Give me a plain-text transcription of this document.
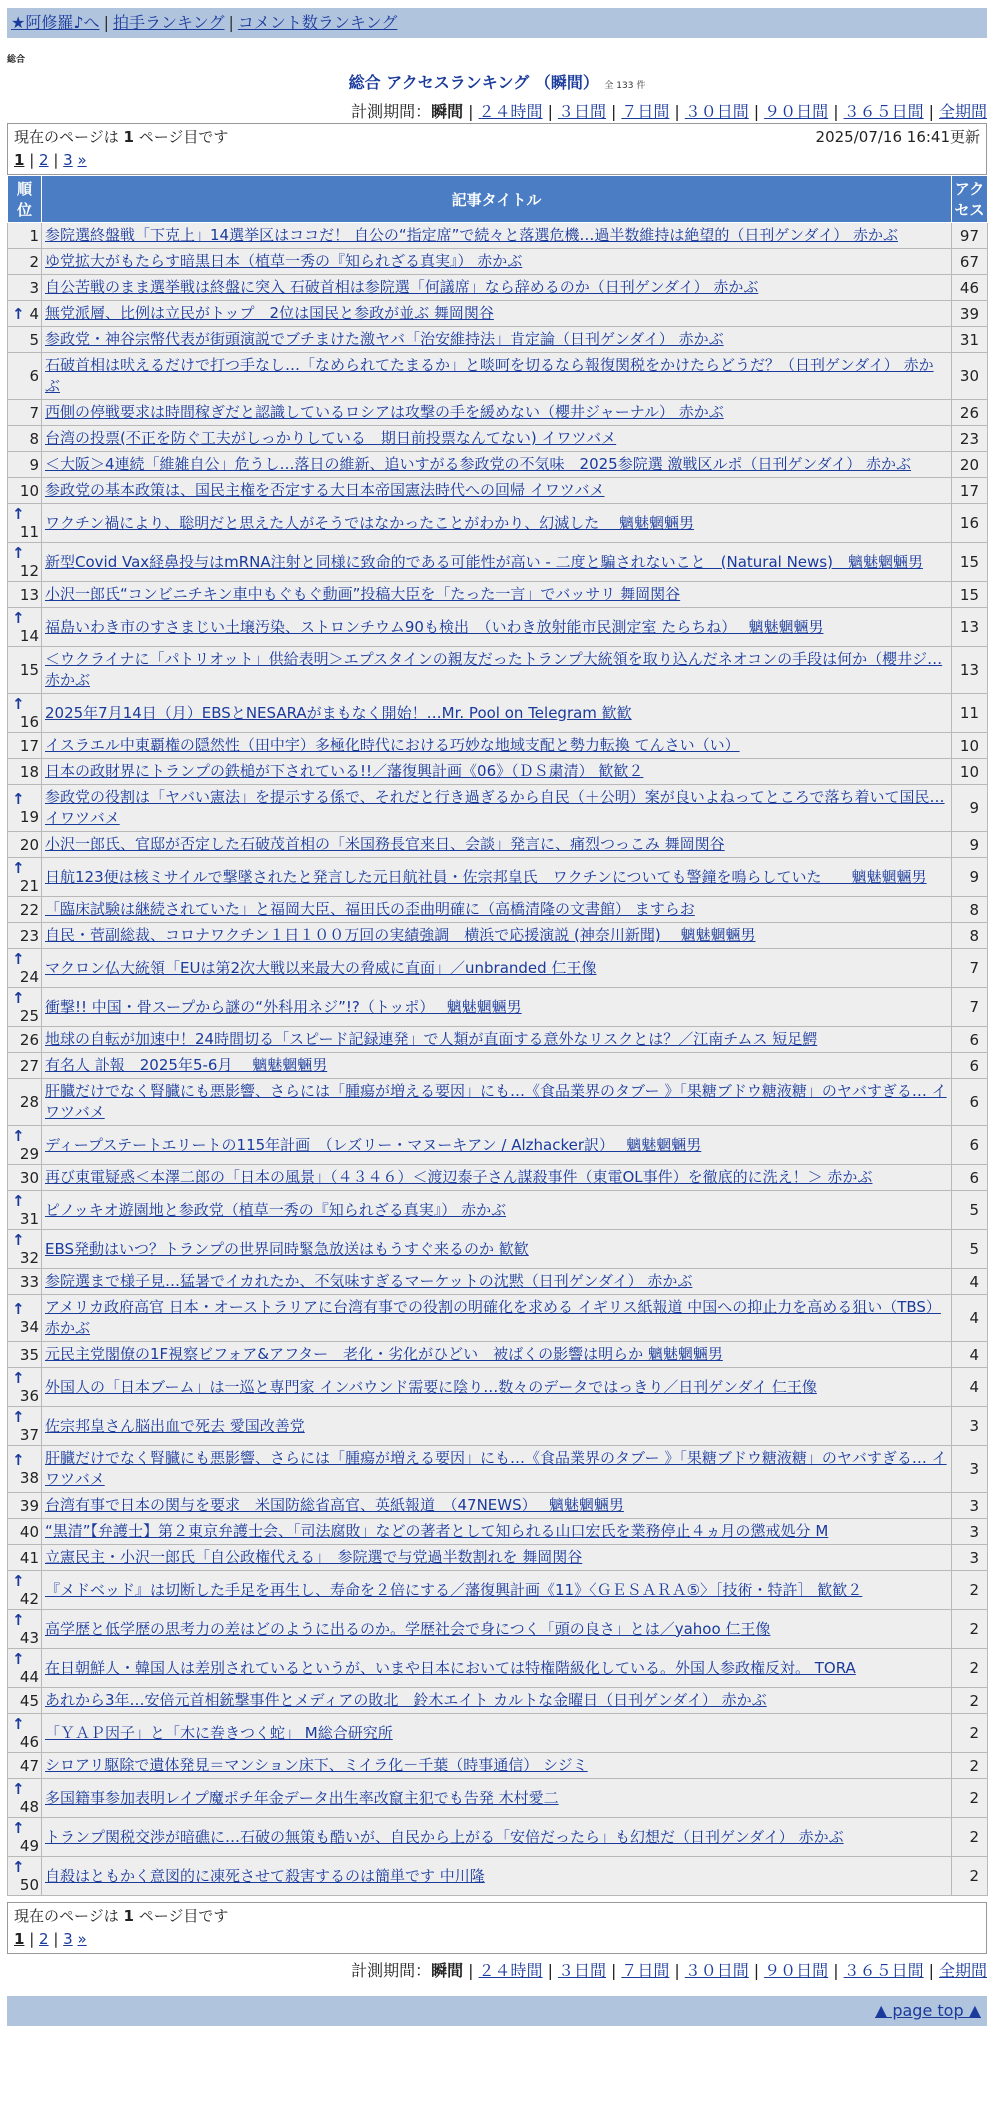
★阿修羅♪へ | 拍手ランキング | コメント数ランキング
総合
総合 アクセスランキング （瞬間） 全 133 件
計測期間：瞬間 | ２４時間 | ３日間 | ７日間 | ３０日間 | ９０日間 | ３６５日間 | 全期間
現在のページは 1 ページ目です	2025/07/16 16:41更新
1 | 2 | 3 »
順位	記事タイトル	アクセス
1	参院選終盤戦「下克上」14選挙区はココだ！ 自公の“指定席”で続々と落選危機…過半数維持は絶望的（日刊ゲンダイ） 赤かぶ	97
2	ゆ党拡大がもたらす暗黒日本（植草一秀の『知られざる真実』） 赤かぶ	67
3	自公苦戦のまま選挙戦は終盤に突入 石破首相は参院選「何議席」なら辞めるのか（日刊ゲンダイ） 赤かぶ	46

↑ 4	無党派層、比例は立民がトップ　2位は国民と参政が並ぶ 舞岡関谷	39
5	参政党・神谷宗幣代表が街頭演説でブチまけた激ヤバ「治安維持法」肯定論（日刊ゲンダイ） 赤かぶ	31
6	石破首相は吠えるだけで打つ手なし…「なめられてたまるか」と啖呵を切るなら報復関税をかけたらどうだ？（日刊ゲンダイ） 赤かぶ	30
7	西側の停戦要求は時間稼ぎだと認識しているロシアは攻撃の手を緩めない（櫻井ジャーナル） 赤かぶ	26
8	台湾の投票(不正を防ぐ工夫がしっかりしている　期日前投票なんてない) イワツバメ	23
9	＜大阪＞4連続「維雑自公」危うし…落日の維新、追いすがる参政党の不気味　2025参院選 激戦区ルポ（日刊ゲンダイ） 赤かぶ	20
10	参政党の基本政策は、国民主権を否定する大日本帝国憲法時代への回帰 イワツバメ	17

↑
11	ワクチン禍により、聡明だと思えた人がそうではなかったことがわかり、幻滅した　 魑魅魍魎男	16

↑
12	新型Covid Vax経鼻投与はmRNA注射と同様に致命的である可能性が高い - 二度と騙されないこと　(Natural News)　魑魅魍魎男	15
13	小沢一郎氏“コンビニチキン車中もぐもぐ動画”投稿大臣を「たった一言」でバッサリ 舞岡関谷	15

↑
14	福島いわき市のすさまじい土壌汚染、ストロンチウム90も検出　（いわき放射能市民測定室 たらちね）　 魑魅魍魎男	13
15	＜ウクライナに「パトリオット」供給表明＞エプスタインの親友だったトランプ大統領を取り込んだネオコンの手段は何か（櫻井ジ… 赤かぶ	13

↑
16	2025年7月14日（月）EBSとNESARAがまもなく開始！…Mr. Pool on Telegram 歓歓	11
17	イスラエル中東覇権の隠然性（田中宇）多極化時代における巧妙な地域支配と勢力転換 てんさい（い）	10
18	日本の政財界にトランプの鉄槌が下されている!!／藩復興計画《06》（ＤＳ粛清） 歓歓２	10

↑
19	参政党の役割は「ヤバい憲法」を提示する係で、それだと行き過ぎるから自民（＋公明）案が良いよねってところで落ち着いて国民… イワツバメ	9
20	小沢一郎氏、官邸が否定した石破茂首相の「米国務長官来日、会談」発言に、痛烈つっこみ 舞岡関谷	9

↑
21	日航123便は核ミサイルで撃墜されたと発言した元日航社員・佐宗邦皇氏　ワクチンについても警鐘を鳴らしていた　　魑魅魍魎男	9
22	「臨床試験は継続されていた」と福岡大臣、福田氏の歪曲明確に（高橋清隆の文書館） ますらお	8
23	自民・菅副総裁、コロナワクチン１日１００万回の実績強調　横浜で応援演説 (神奈川新聞)　 魑魅魍魎男	8

↑
24	マクロン仏大統領「EUは第2次大戦以来最大の脅威に直面」／unbranded 仁王像	7

↑
25	衝撃!! 中国・骨スープから謎の“外科用ネジ”!?（トッポ）　 魑魅魍魎男	7
26	地球の自転が加速中！24時間切る「スピード記録連発」で人類が直面する意外なリスクとは？／江南チムス 短足鰐	6
27	有名人 訃報　2025年5-6月　 魑魅魍魎男	6
28	肝臓だけでなく腎臓にも悪影響、さらには「腫瘍が増える要因」にも…《食品業界のタブー 》「果糖ブドウ糖液糖」のヤバすぎる… イワツバメ	6

↑
29	ディープステートエリートの115年計画　（レズリー・マヌーキアン / Alzhacker訳）　 魑魅魍魎男	6
30	再び東電疑惑＜本澤二郎の「日本の風景」（４３４６）＜渡辺泰子さん謀殺事件（東電OL事件）を徹底的に洗え！＞ 赤かぶ	6

↑
31	ピノッキオ遊園地と参政党（植草一秀の『知られざる真実』） 赤かぶ	5

↑
32	EBS発動はいつ？トランプの世界同時緊急放送はもうすぐ来るのか 歓歓	5
33	参院選まで様子見…猛暑でイカれたか、不気味すぎるマーケットの沈黙（日刊ゲンダイ） 赤かぶ	4

↑
34	アメリカ政府高官 日本・オーストラリアに台湾有事での役割の明確化を求める イギリス紙報道 中国への抑止力を高める狙い（TBS） 赤かぶ	4
35	元民主党閣僚の1F視察ビフォア&アフター　老化・劣化がひどい　被ばくの影響は明らか 魑魅魍魎男	4

↑
36	外国人の「日本ブーム」は一巡と専門家 インバウンド需要に陰り…数々のデータではっきり／日刊ゲンダイ 仁王像	4

↑
37	佐宗邦皇さん脳出血で死去 愛国改善党	3

↑
38	肝臓だけでなく腎臓にも悪影響、さらには「腫瘍が増える要因」にも…《食品業界のタブー 》「果糖ブドウ糖液糖」のヤバすぎる… イワツバメ	3
39	台湾有事で日本の関与を要求　米国防総省高官、英紙報道　（47NEWS）　 魑魅魍魎男	3
40	“黒清”【弁護士】第２東京弁護士会、「司法腐敗」などの著者として知られる山口宏氏を業務停止４ヵ月の懲戒処分 M	3
41	立憲民主・小沢一郎氏「自公政権代える」　参院選で与党過半数割れを 舞岡関谷	3

↑
42	『メドベッド』は切断した手足を再生し、寿命を２倍にする／藩復興計画《11》〈ＧＥＳＡＲＡ⑤〉［技術・特許］ 歓歓２	2

↑
43	高学歴と低学歴の思考力の差はどのように出るのか。学歴社会で身につく「頭の良さ」とは／yahoo 仁王像	2

↑
44	在日朝鮮人・韓国人は差別されているというが、いまや日本においては特権階級化している。外国人参政権反対。 TORA	2
45	あれから3年…安倍元首相銃撃事件とメディアの敗北　鈴木エイト カルトな金曜日（日刊ゲンダイ） 赤かぶ	2

↑
46	「ＹＡＰ因子」と「木に巻きつく蛇」 M総合研究所	2
47	シロアリ駆除で遺体発見＝マンション床下、ミイラ化－千葉（時事通信） シジミ	2

↑
48	多国籍事参加表明レイプ魔ポチ年金データ出生率改竄主犯でも告発 木村愛二	2

↑
49	トランプ関税交渉が暗礁に…石破の無策も酷いが、自民から上がる「安倍だったら」も幻想だ（日刊ゲンダイ） 赤かぶ	2

↑
50	自殺はともかく意図的に凍死させて殺害するのは簡単です 中川隆	2
現在のページは 1 ページ目です
1 | 2 | 3 »
計測期間：瞬間 | ２４時間 | ３日間 | ７日間 | ３０日間 | ９０日間 | ３６５日間 | 全期間
▲ page top ▲
